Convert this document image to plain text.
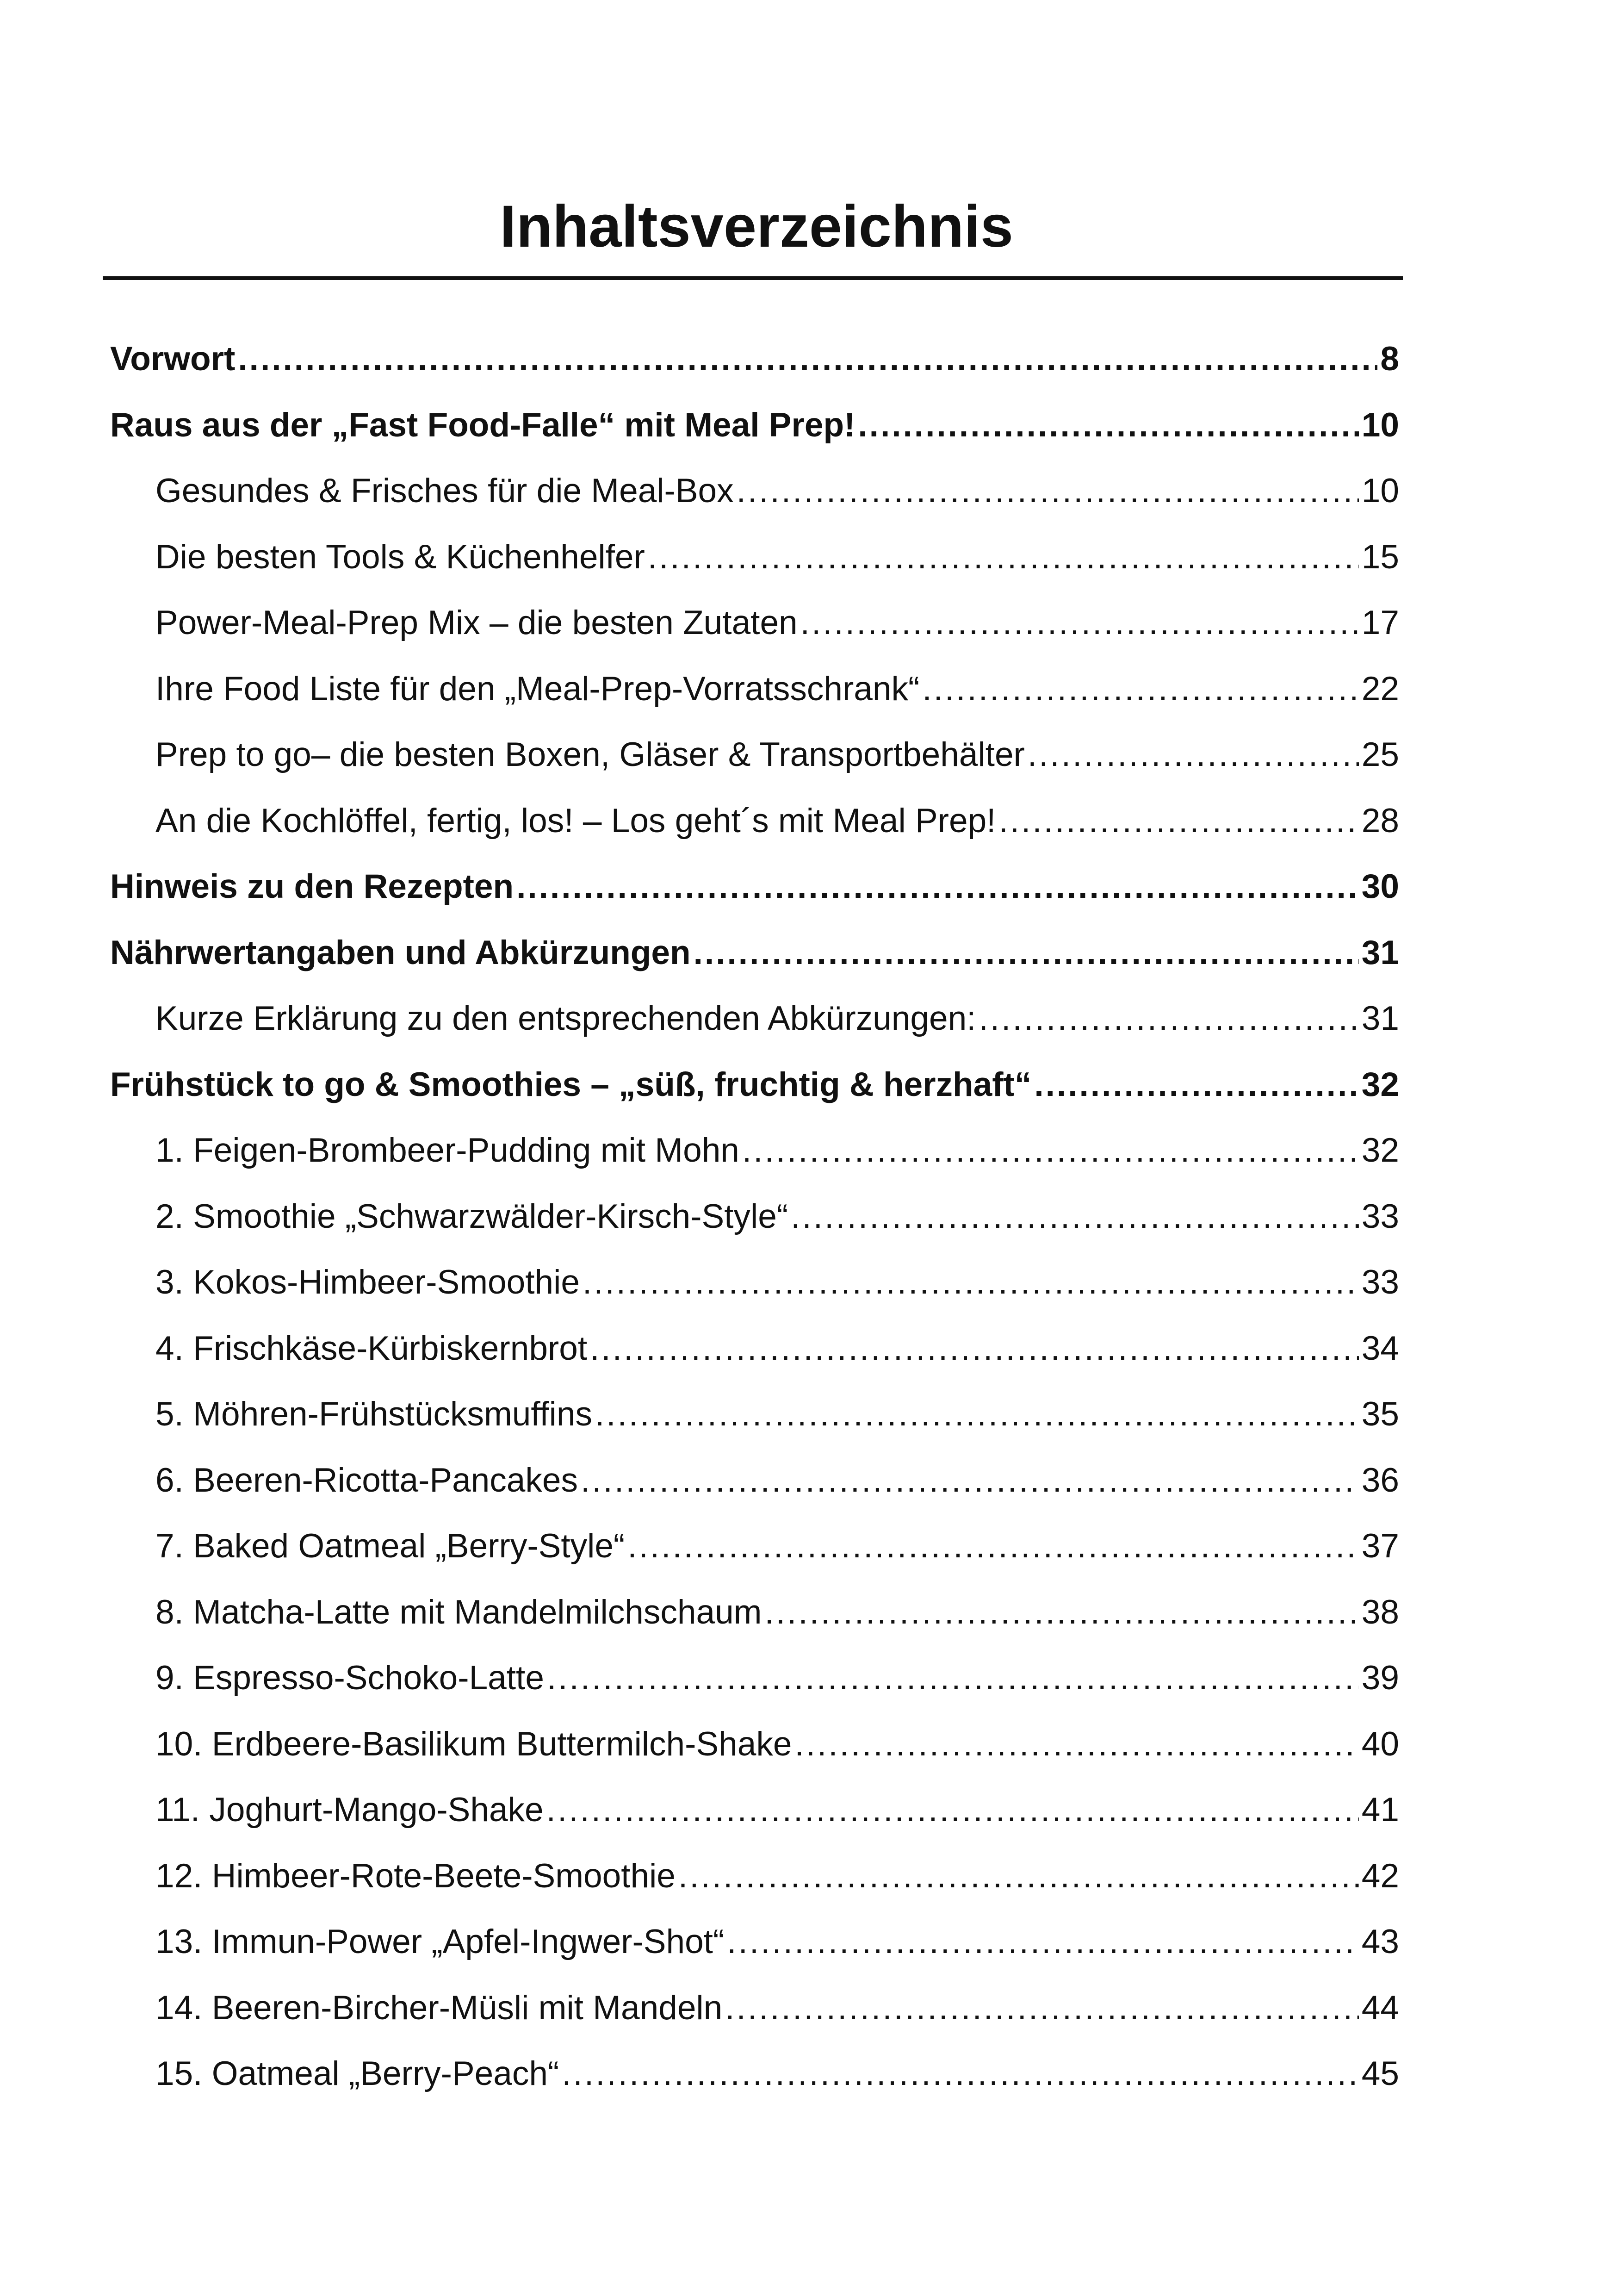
Inhaltsverzeichnis
Vorwort .....	8
Raus aus der „Fast Food-Falle“ mit Meal Prep! .....	10
Gesundes & Frisches für die Meal-Box .....	10
Die besten Tools & Küchenhelfer .....	15
Power-Meal-Prep Mix – die besten Zutaten .....	17
Ihre Food Liste für den „Meal-Prep-Vorratsschrank“ .....	22
Prep to go– die besten Boxen, Gläser & Transportbehälter .....	25
An die Kochlöffel, fertig, los! – Los geht´s mit Meal Prep! .....	28
Hinweis zu den Rezepten .....	30
Nährwertangaben und Abkürzungen .....	31
Kurze Erklärung zu den entsprechenden Abkürzungen: .....	31
Frühstück to go & Smoothies – „süß, fruchtig & herzhaft“ .....	32
1. Feigen-Brombeer-Pudding mit Mohn .....	32
2. Smoothie „Schwarzwälder-Kirsch-Style“ .....	33
3. Kokos-Himbeer-Smoothie .....	33
4. Frischkäse-Kürbiskernbrot .....	34
5. Möhren-Frühstücksmuffins .....	35
6. Beeren-Ricotta-Pancakes .....	36
7. Baked Oatmeal „Berry-Style“ .....	37
8. Matcha-Latte mit Mandelmilchschaum .....	38
9. Espresso-Schoko-Latte .....	39
10. Erdbeere-Basilikum Buttermilch-Shake .....	40
11. Joghurt-Mango-Shake .....	41
12. Himbeer-Rote-Beete-Smoothie .....	42
13. Immun-Power „Apfel-Ingwer-Shot“ .....	43
14. Beeren-Bircher-Müsli mit Mandeln .....	44
15. Oatmeal „Berry-Peach“ .....	45
